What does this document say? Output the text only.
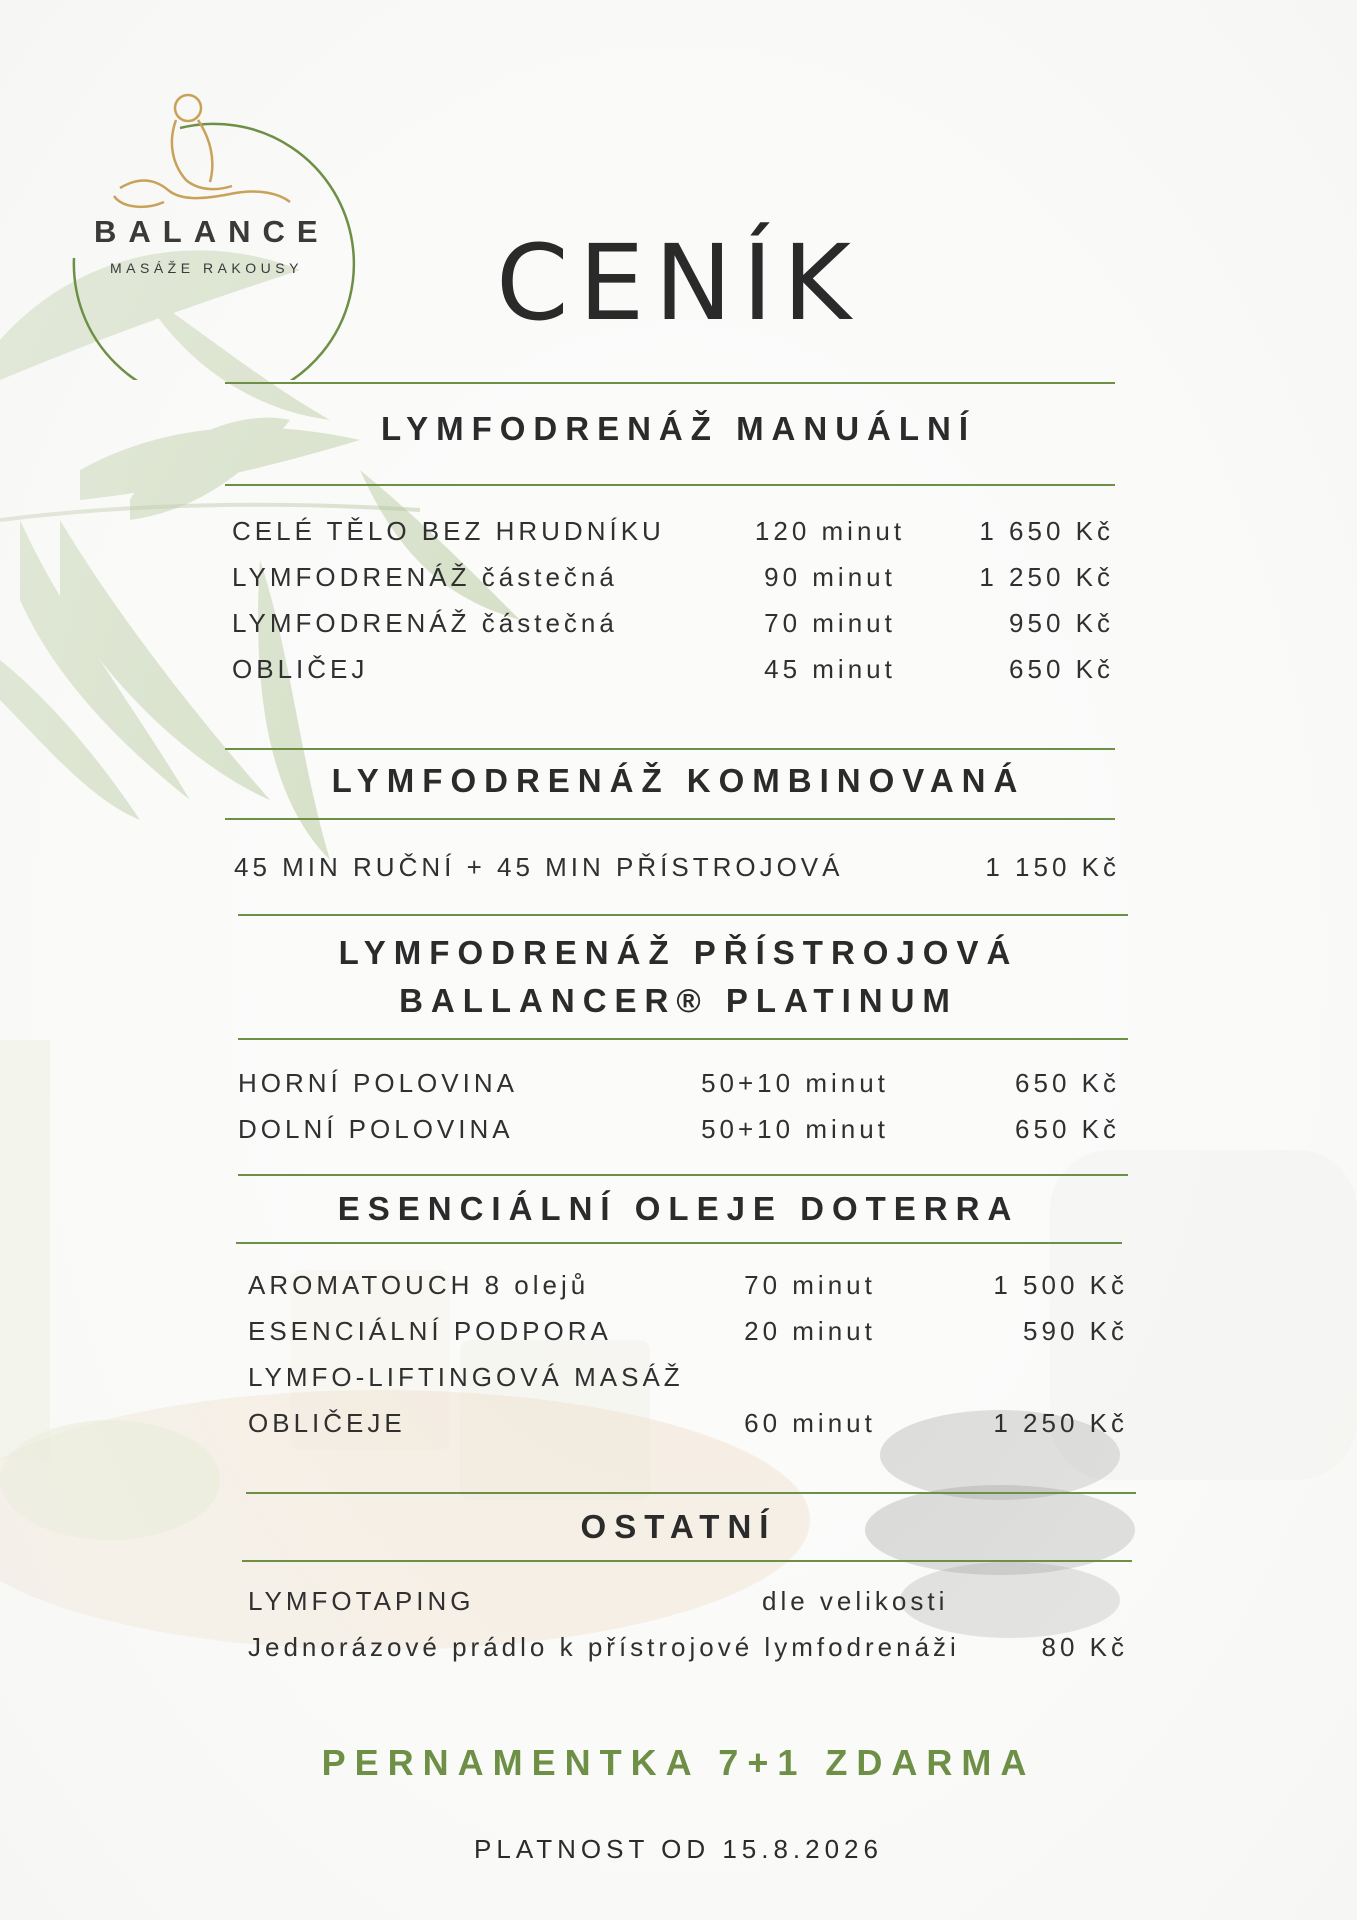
BALANCE
MASÁŽE RAKOUSY	CENÍK
LYMFODRENÁŽ MANUÁLNÍ
CELÉ TĚLO BEZ HRUDNÍKU	120 minut	1 650 Kč
LYMFODRENÁŽ částečná	90 minut	1 250 Kč
LYMFODRENÁŽ částečná	70 minut	950 Kč
OBLIČEJ	45 minut	650 Kč
LYMFODRENÁŽ KOMBINOVANÁ
45 MIN RUČNÍ + 45 MIN PŘÍSTROJOVÁ	1 150 Kč
LYMFODRENÁŽ PŘÍSTROJOVÁ
BALLANCER® PLATINUM
HORNÍ POLOVINA	50+10 minut	650 Kč
DOLNÍ POLOVINA	50+10 minut	650 Kč
ESENCIÁLNÍ OLEJE DOTERRA
AROMATOUCH 8 olejů	70 minut	1 500 Kč
ESENCIÁLNÍ PODPORA	20 minut	590 Kč
LYMFO-LIFTINGOVÁ MASÁŽ
OBLIČEJE	60 minut	1 250 Kč
OSTATNÍ
LYMFOTAPING	dle velikosti
Jednorázové prádlo k přístrojové lymfodrenáži	80 Kč
PERNAMENTKA 7+1 ZDARMA
PLATNOST OD 15.8.2026
